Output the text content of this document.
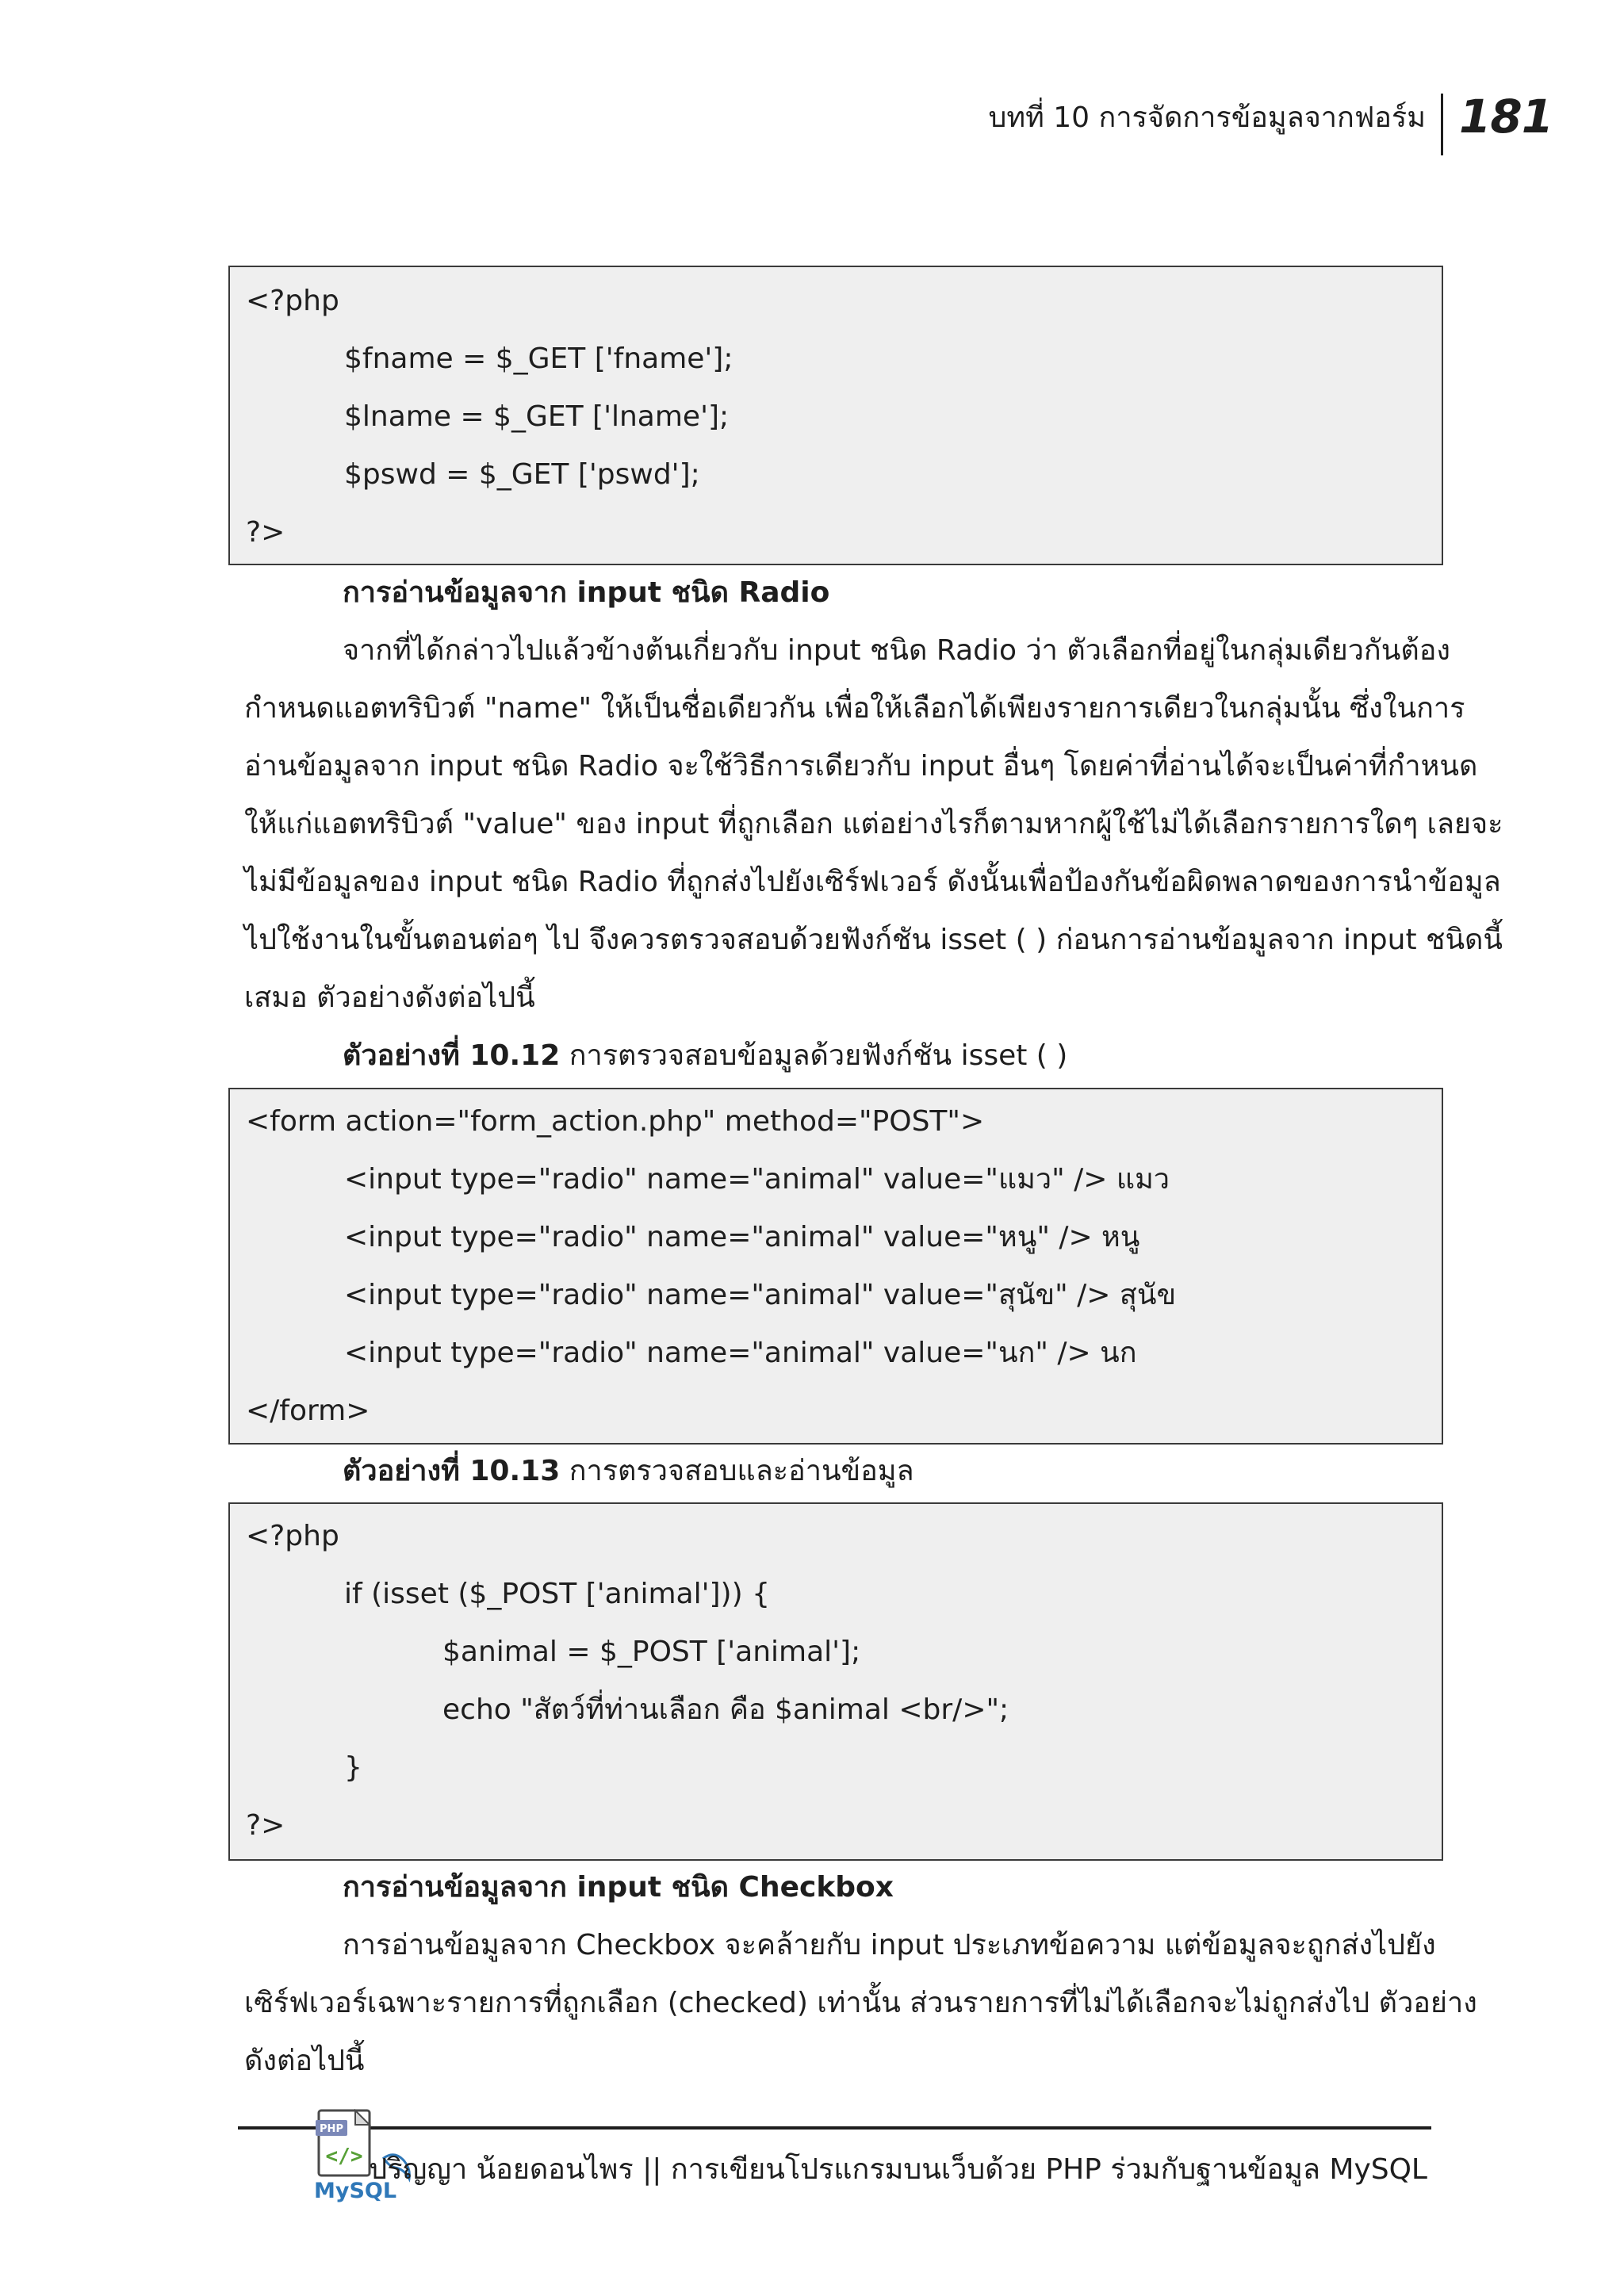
บทที่ 10 การจัดการข้อมูลจากฟอร์ม 181
<?php
$fname = $_GET ['fname'];
$lname = $_GET ['lname'];
$pswd = $_GET ['pswd'];
?>
การอ่านข้อมูลจาก input ชนิด Radio
จากที่ได้กล่าวไปแล้วข้างต้นเกี่ยวกับ input ชนิด Radio ว่า ตัวเลือกที่อยู่ในกลุ่มเดียวกันต้อง
กำหนดแอตทริบิวต์ "name" ให้เป็นชื่อเดียวกัน เพื่อให้เลือกได้เพียงรายการเดียวในกลุ่มนั้น ซึ่งในการ
อ่านข้อมูลจาก input ชนิด Radio จะใช้วิธีการเดียวกับ input อื่นๆ โดยค่าที่อ่านได้จะเป็นค่าที่กำหนด
ให้แก่แอตทริบิวต์ "value" ของ input ที่ถูกเลือก แต่อย่างไรก็ตามหากผู้ใช้ไม่ได้เลือกรายการใดๆ เลยจะ
ไม่มีข้อมูลของ input ชนิด Radio ที่ถูกส่งไปยังเซิร์ฟเวอร์ ดังนั้นเพื่อป้องกันข้อผิดพลาดของการนำข้อมูล
ไปใช้งานในขั้นตอนต่อๆ ไป จึงควรตรวจสอบด้วยฟังก์ชัน isset ( ) ก่อนการอ่านข้อมูลจาก input ชนิดนี้
เสมอ ตัวอย่างดังต่อไปนี้
ตัวอย่างที่ 10.12 การตรวจสอบข้อมูลด้วยฟังก์ชัน isset ( )
<form action="form_action.php" method="POST">
<input type="radio" name="animal" value="แมว" /> แมว
<input type="radio" name="animal" value="หนู" /> หนู
<input type="radio" name="animal" value="สุนัข" /> สุนัข
<input type="radio" name="animal" value="นก" /> นก
</form>
ตัวอย่างที่ 10.13 การตรวจสอบและอ่านข้อมูล
<?php
if (isset ($_POST ['animal'])) {
$animal = $_POST ['animal'];
echo "สัตว์ที่ท่านเลือก คือ $animal <br/>";
}
?>
การอ่านข้อมูลจาก input ชนิด Checkbox
การอ่านข้อมูลจาก Checkbox จะคล้ายกับ input ประเภทข้อความ แต่ข้อมูลจะถูกส่งไปยัง
เซิร์ฟเวอร์เฉพาะรายการที่ถูกเลือก (checked) เท่านั้น ส่วนรายการที่ไม่ได้เลือกจะไม่ถูกส่งไป ตัวอย่าง
ดังต่อไปนี้
PHP
</>
MySQL
ปริญญา น้อยดอนไพร || การเขียนโปรแกรมบนเว็บด้วย PHP ร่วมกับฐานข้อมูล MySQL
